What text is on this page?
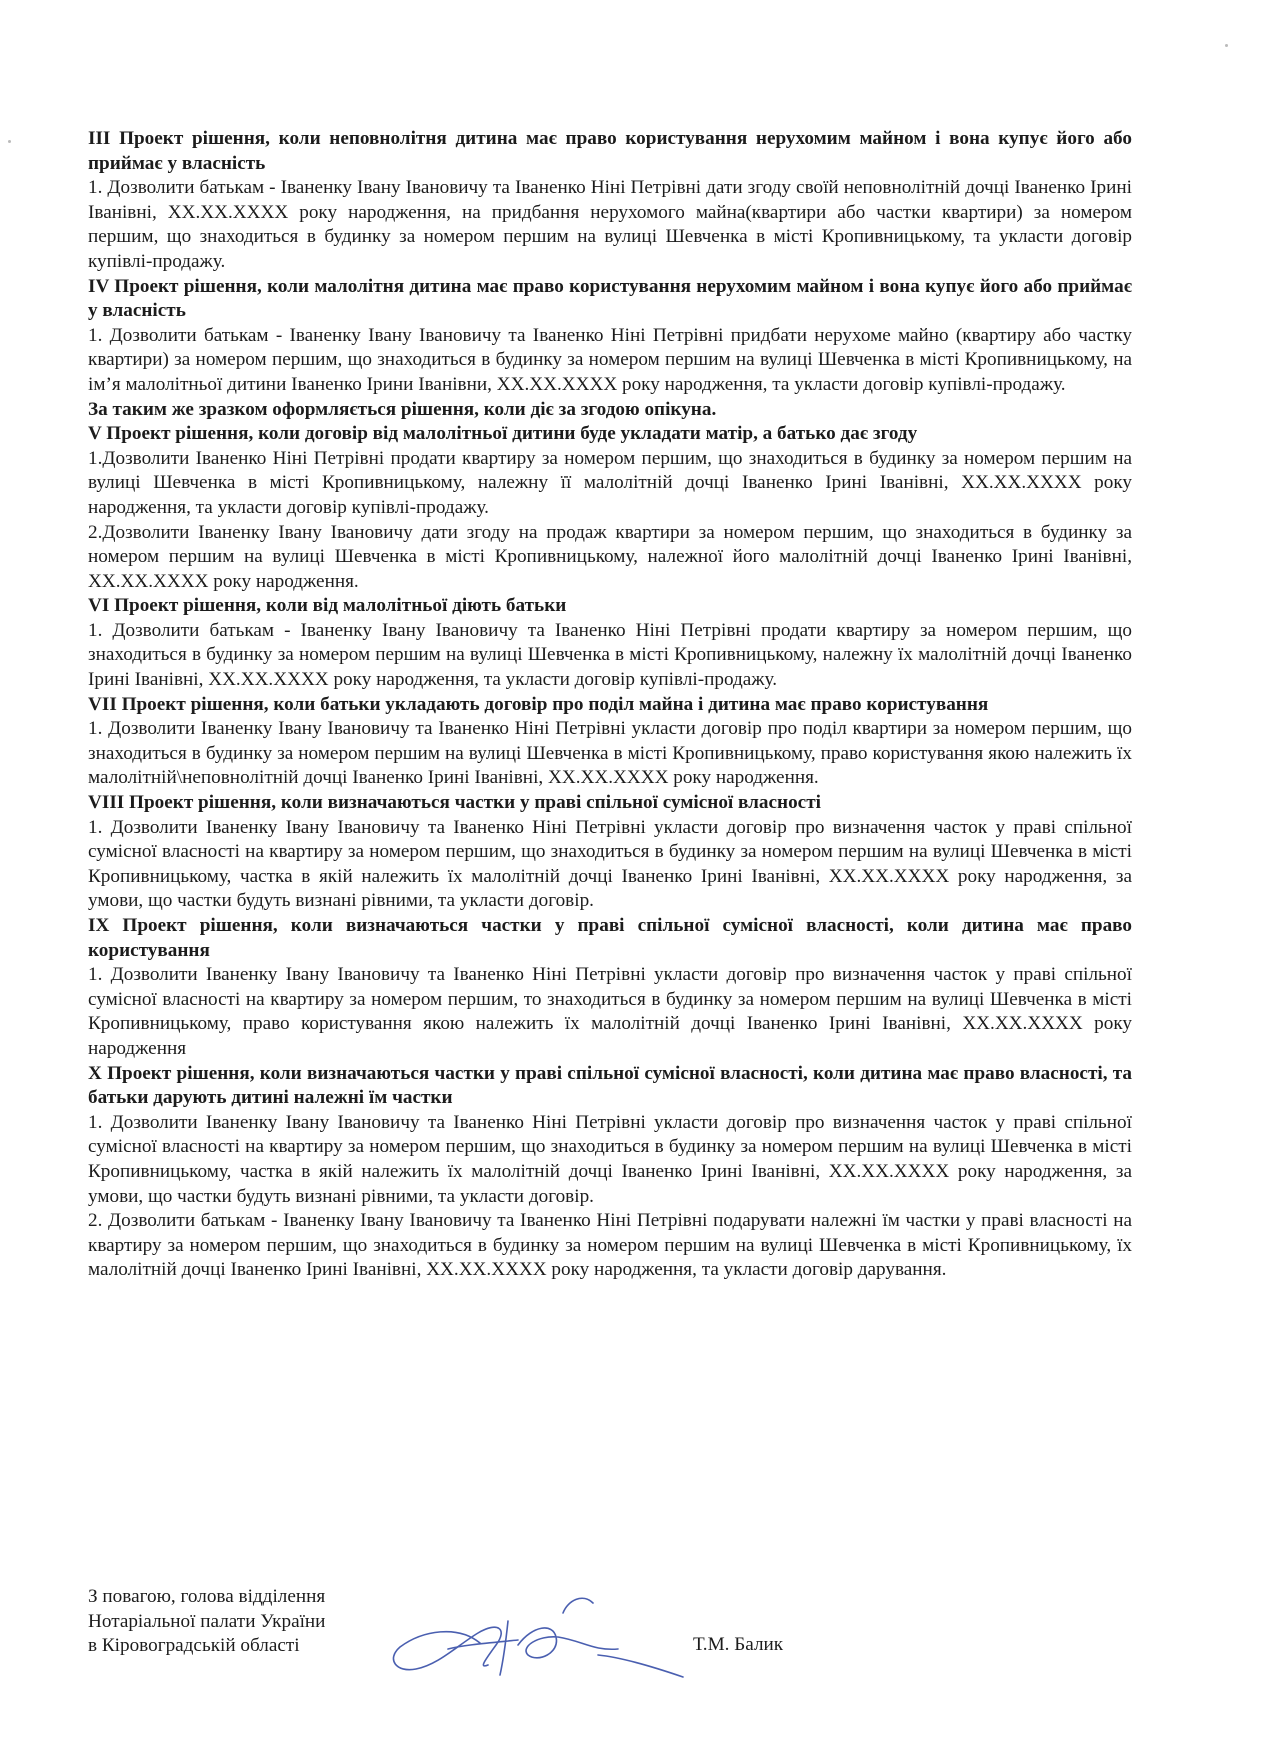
ІІІ Проект рішення, коли неповнолітня дитина має право користування нерухомим майном і вона купує його або приймає у власність

1. Дозволити батькам - Іваненку Івану Івановичу та Іваненко Ніні Петрівні дати згоду своїй неповнолітній дочці Іваненко Ірині Іванівні, ХХ.ХХ.ХХХХ року народження, на придбання нерухомого майна(квартири або частки квартири) за номером першим, що знаходиться в будинку за номером першим на вулиці Шевченка в місті Кропивницькому, та укласти договір купівлі-продажу.

IV Проект рішення, коли малолітня дитина має право користування нерухомим майном і вона купує його або приймає у власність

1. Дозволити батькам - Іваненку Івану Івановичу та Іваненко Ніні Петрівні придбати нерухоме майно (квартиру або частку квартири) за номером першим, що знаходиться в будинку за номером першим на вулиці Шевченка в місті Кропивницькому, на ім’я малолітньої дитини Іваненко Ірини Іванівни, ХХ.ХХ.ХХХХ року народження, та укласти договір купівлі-продажу.

За таким же зразком оформляється рішення, коли діє за згодою опікуна.

V Проект рішення, коли договір від малолітньої дитини буде укладати матір, а батько дає згоду

1.Дозволити Іваненко Ніні Петрівні продати квартиру за номером першим, що знаходиться в будинку за номером першим на вулиці Шевченка в місті Кропивницькому, належну її малолітній дочці Іваненко Ірині Іванівні, ХХ.ХХ.ХХХХ року народження, та укласти договір купівлі-продажу.

2.Дозволити Іваненку Івану Івановичу дати згоду на продаж квартири за номером першим, що знаходиться в будинку за номером першим на вулиці Шевченка в місті Кропивницькому, належної його малолітній дочці Іваненко Ірині Іванівні, ХХ.ХХ.ХХХХ року народження.

VI Проект рішення, коли від малолітньої діють батьки

1. Дозволити батькам - Іваненку Івану Івановичу та Іваненко Ніні Петрівні продати квартиру за номером першим, що знаходиться в будинку за номером першим на вулиці Шевченка в місті Кропивницькому, належну їх малолітній дочці Іваненко Ірині Іванівні, ХХ.ХХ.ХХХХ року народження, та укласти договір купівлі-продажу.

VII Проект рішення, коли батьки укладають договір про поділ майна і дитина має право користування

1. Дозволити Іваненку Івану Івановичу та Іваненко Ніні Петрівні укласти договір про поділ квартири за номером першим, що знаходиться в будинку за номером першим на вулиці Шевченка в місті Кропивницькому, право користування якою належить їх малолітній\неповнолітній дочці Іваненко Ірині Іванівні, ХХ.ХХ.ХХХХ року народження.

VIII Проект рішення, коли визначаються частки у праві спільної сумісної власності

1. Дозволити Іваненку Івану Івановичу та Іваненко Ніні Петрівні укласти договір про визначення часток у праві спільної сумісної власності на квартиру за номером першим, що знаходиться в будинку за номером першим на вулиці Шевченка в місті Кропивницькому, частка в якій належить їх малолітній дочці Іваненко Ірині Іванівні, ХХ.ХХ.ХХХХ року народження, за умови, що частки будуть визнані рівними, та укласти договір.

IX Проект рішення, коли визначаються частки у праві спільної сумісної власності, коли дитина має право користування

1. Дозволити Іваненку Івану Івановичу та Іваненко Ніні Петрівні укласти договір про визначення часток у праві спільної сумісної власності на квартиру за номером першим, то знаходиться в будинку за номером першим на вулиці Шевченка в місті Кропивницькому, право користування якою належить їх малолітній дочці Іваненко Ірині Іванівні, ХХ.ХХ.ХХХХ року народження

X Проект рішення, коли визначаються частки у праві спільної сумісної власності, коли дитина має право власності, та батьки дарують дитині належні їм частки

1. Дозволити Іваненку Івану Івановичу та Іваненко Ніні Петрівні укласти договір про визначення часток у праві спільної сумісної власності на квартиру за номером першим, що знаходиться в будинку за номером першим на вулиці Шевченка в місті Кропивницькому, частка в якій належить їх малолітній дочці Іваненко Ірині Іванівні, ХХ.ХХ.ХХХХ року народження, за умови, що частки будуть визнані рівними, та укласти договір.

2. Дозволити батькам - Іваненку Івану Івановичу та Іваненко Ніні Петрівні подарувати належні їм частки у праві власності на квартиру за номером першим, що знаходиться в будинку за номером першим на вулиці Шевченка в місті Кропивницькому, їх малолітній дочці Іваненко Ірині Іванівні, ХХ.ХХ.ХХХХ року народження, та укласти договір дарування.

З повагою, голова відділення
Нотаріальної палати України
в Кіровоградській області	Т.М. Балик
